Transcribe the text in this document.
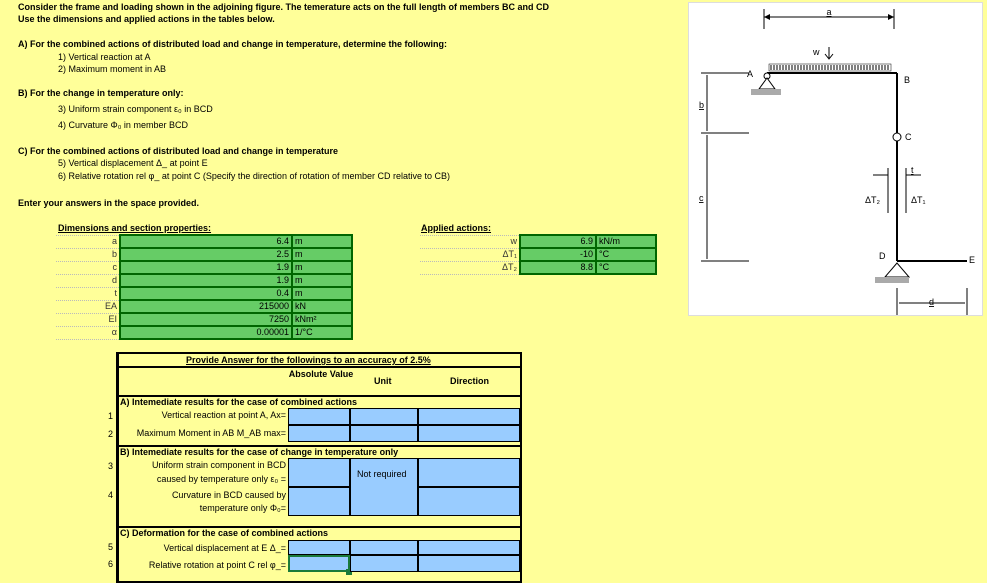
Consider the frame and loading shown in the adjoining figure. The temerature acts on the full length of members BC and CD
Use the dimensions and applied actions in the tables below.
A) For the combined actions of distributed load and change in temperature, determine the following:
1) Vertical reaction at A
2) Maximum moment in AB
B) For the change in temperature only:
3) Uniform strain component ε₀ in BCD
4) Curvature Φ₀ in member BCD
C) For the combined actions of distributed load and change in temperature
5) Vertical displacement Δ_ at point E
6) Relative rotation rel φ_ at point C (Specify the direction of rotation of member CD relative to CB)
Enter your answers in the space provided.
Dimensions and section properties:
a	6.4	m
b	2.5	m
c	1.9	m
d	1.9	m
t	0.4	m
EA	215000	kN
EI	7250	kNm²
α	0.00001	1/°C
Applied actions:
w	6.9	kN/m
ΔT₁	-10	°C
ΔT₂	8.8	°C
Provide Answer for the followings to an accuracy of 2.5%
Absolute Value
Unit	Direction
A) Intemediate results for the case of combined actions
1	Vertical reaction at point A, Ax=
2	Maximum Moment in AB M_AB max=
B) Intemediate results for the case of change in temperature only
3	Uniform strain component in BCD
caused by temperature only ε₀ =	Not required
4	Curvature in BCD caused by
temperature only Φ₀=
C) Deformation for the case of combined actions
5	Vertical displacement at E Δ_=
6	Relative rotation at point C rel φ_=
a
w
A
B
C
b
c
t
ΔT₂	ΔT₁
D	E
d
